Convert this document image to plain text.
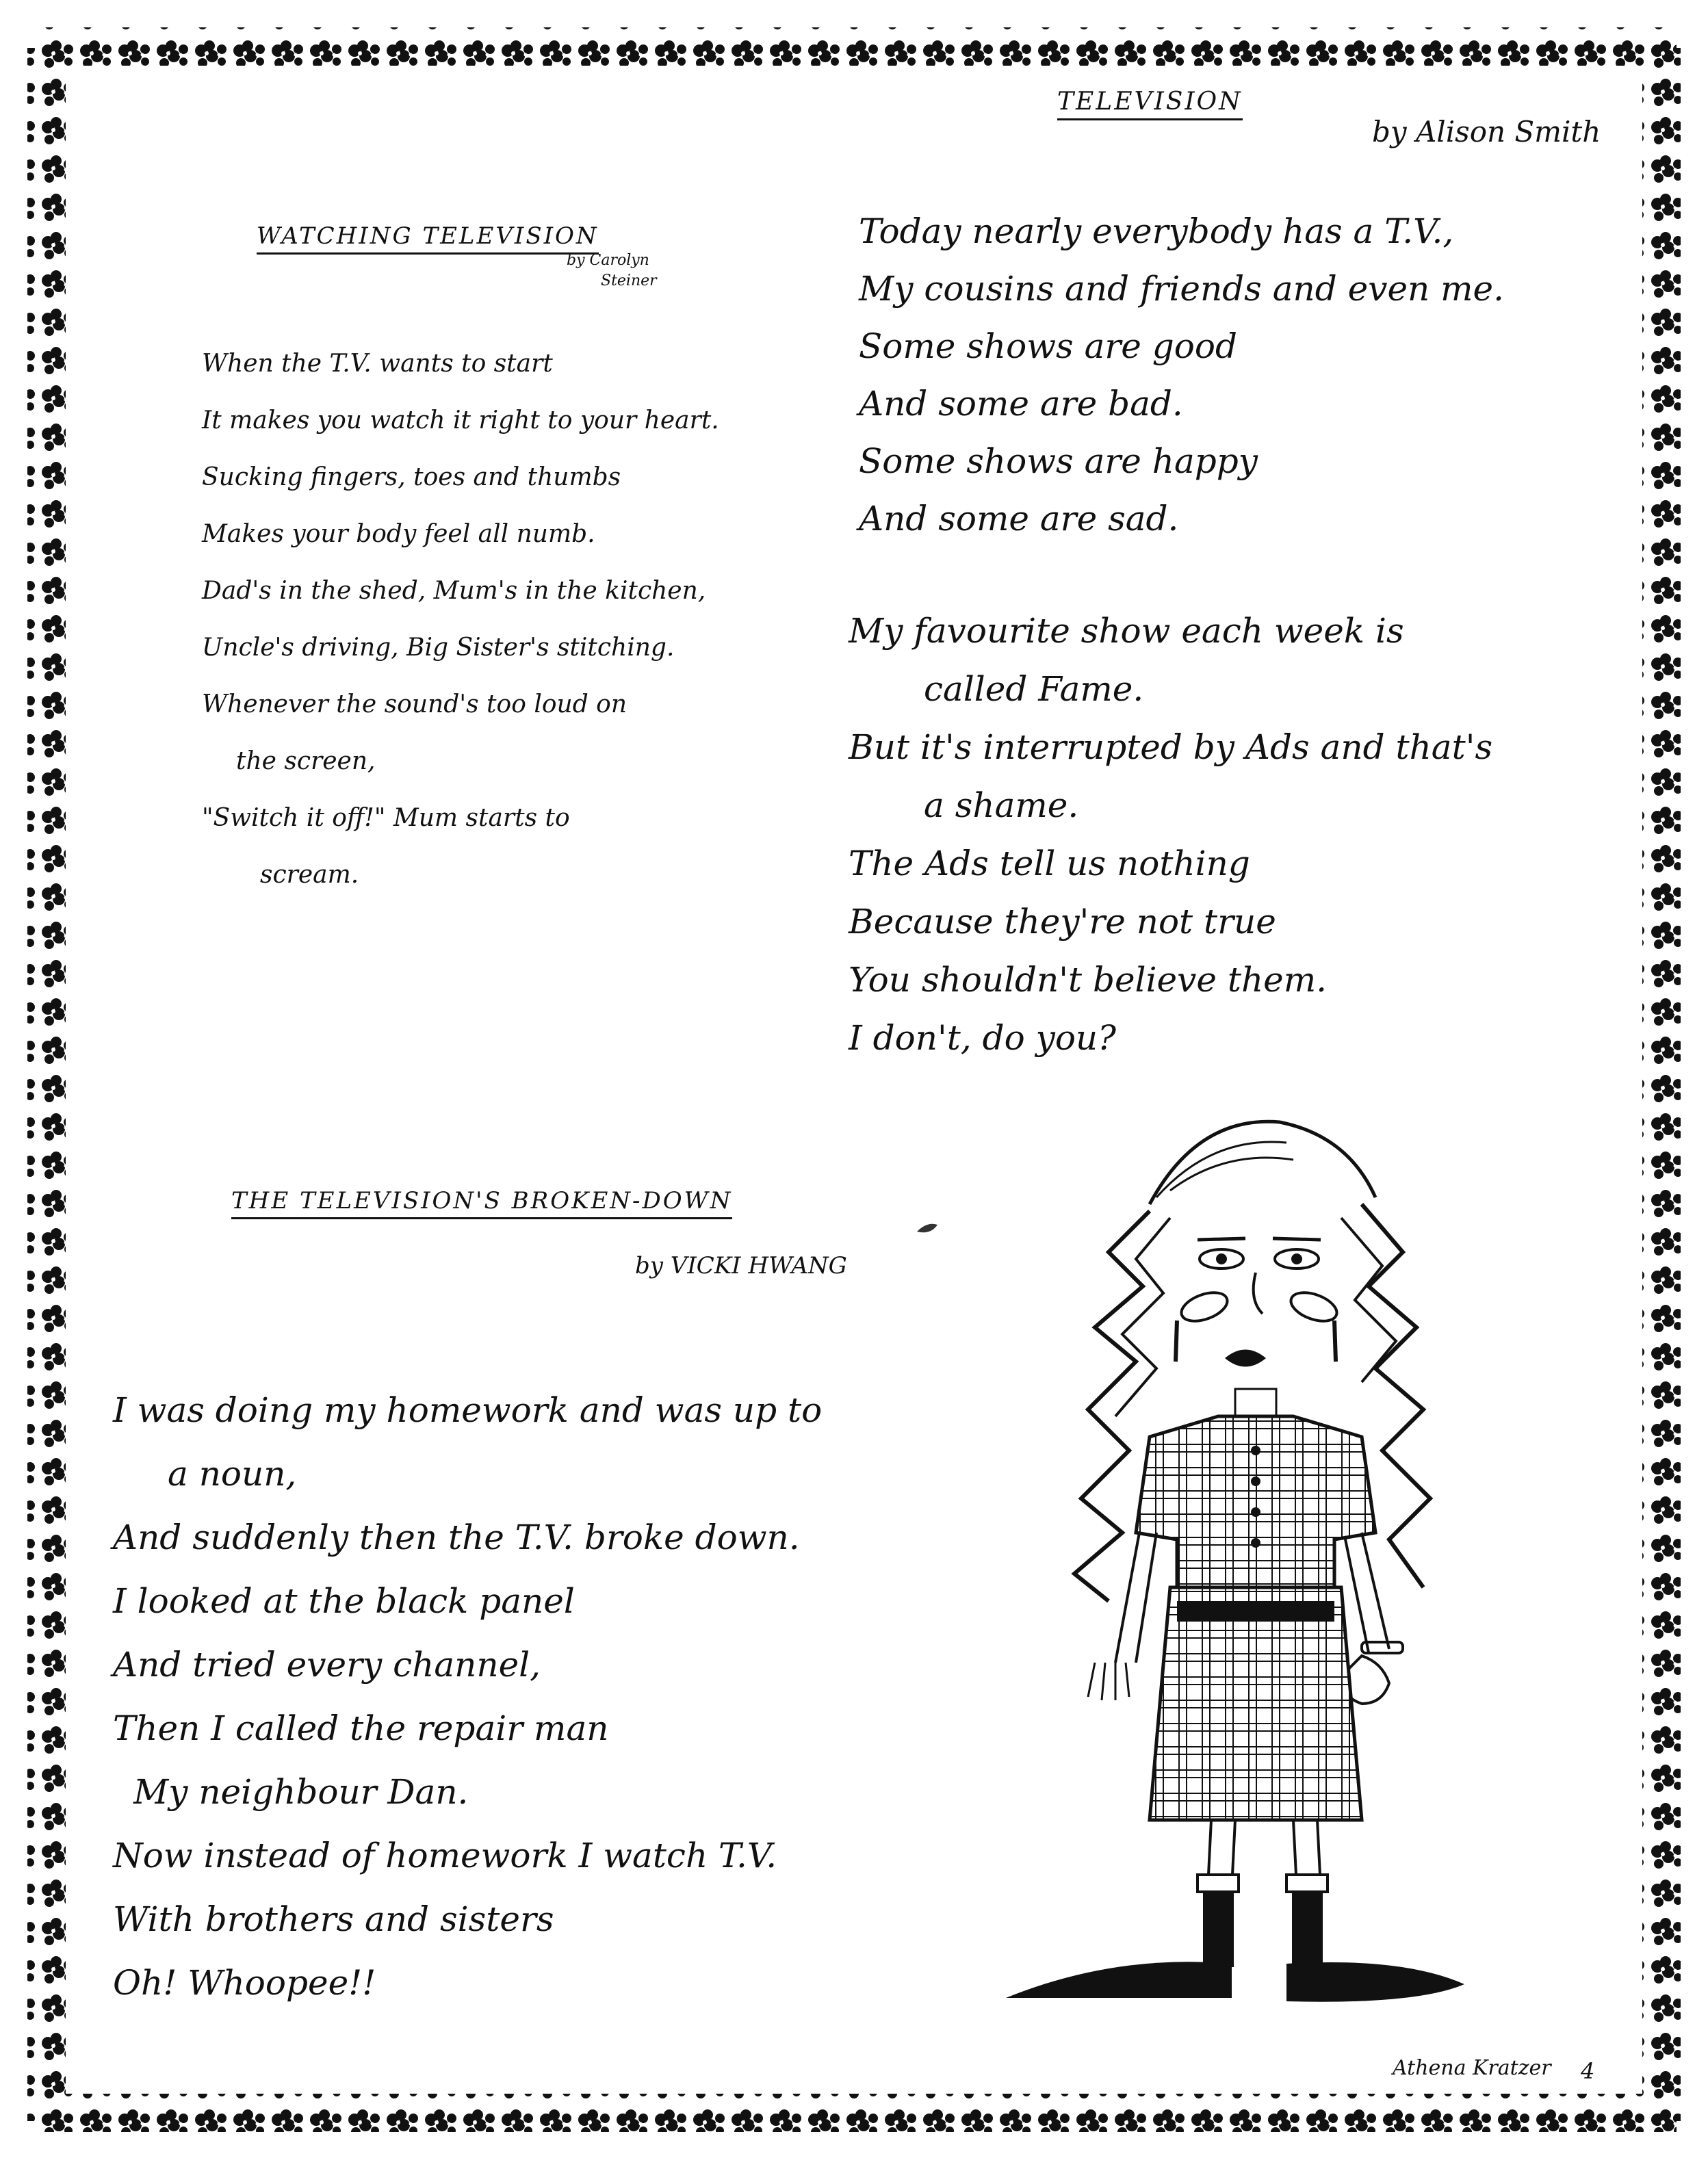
WATCHING TELEVISION
by Carolyn
Steiner
When the T.V. wants to start
It makes you watch it right to your heart.
Sucking fingers, toes and thumbs
Makes your body feel all numb.
Dad's in the shed, Mum's in the kitchen,
Uncle's driving, Big Sister's stitching.
Whenever the sound's too loud on
the screen,
"Switch it off!" Mum starts to
scream.
TELEVISION
by Alison Smith
Today nearly everybody has a T.V.,
My cousins and friends and even me.
Some shows are good
And some are bad.
Some shows are happy
And some are sad.
My favourite show each week is
called Fame.
But it's interrupted by Ads and that's
a shame.
The Ads tell us nothing
Because they're not true
You shouldn't believe them.
I don't, do you?
THE TELEVISION'S BROKEN-DOWN
by VICKI HWANG
I was doing my homework and was up to
a noun,
And suddenly then the T.V. broke down.
I looked at the black panel
And tried every channel,
Then I called the repair man
My neighbour Dan.
Now instead of homework I watch T.V.
With brothers and sisters
Oh! Whoopee!!
Athena Kratzer 4
